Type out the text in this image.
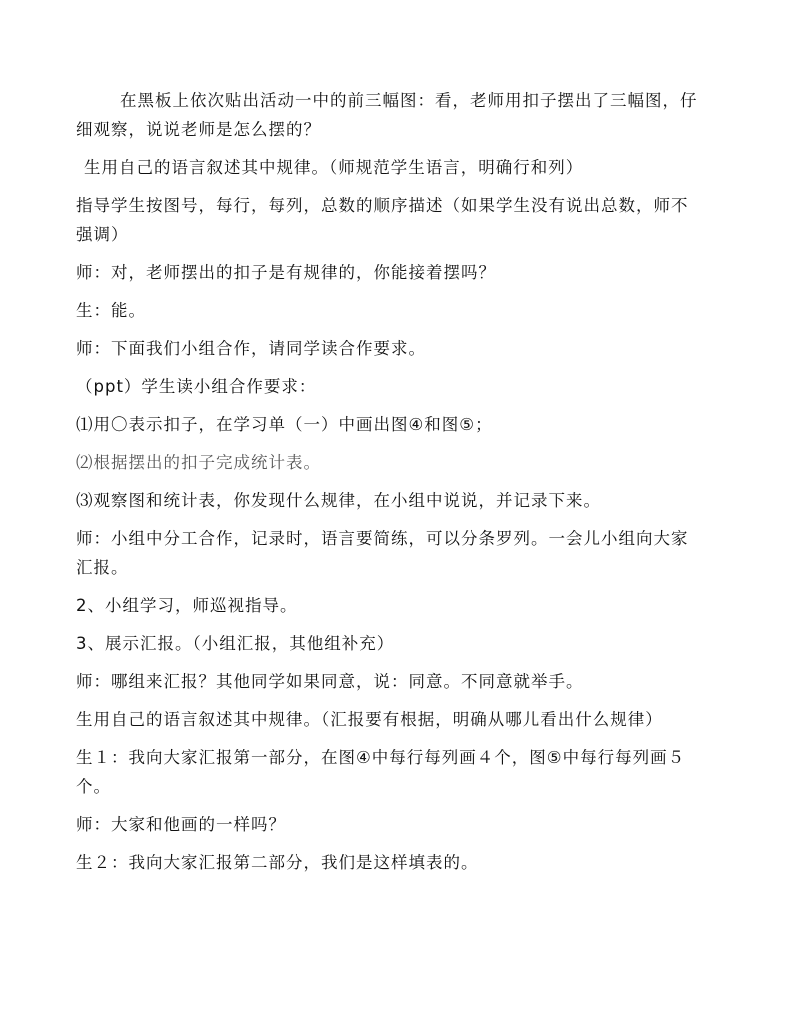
在黑板上依次贴出活动一中的前三幅图：看，老师用扣子摆出了三幅图，仔

细观察，说说老师是怎么摆的？

生用自己的语言叙述其中规律。（师规范学生语言，明确行和列）

指导学生按图号，每行，每列，总数的顺序描述（如果学生没有说出总数，师不

强调）

师：对，老师摆出的扣子是有规律的，你能接着摆吗？

生：能。

师：下面我们小组合作，请同学读合作要求。

（ppt）学生读小组合作要求：

⑴用〇表示扣子，在学习单（一）中画出图④和图⑤；

⑵根据摆出的扣子完成统计表。

⑶观察图和统计表，你发现什么规律，在小组中说说，并记录下来。

师：小组中分工合作，记录时，语言要简练，可以分条罗列。一会儿小组向大家

汇报。

2、小组学习，师巡视指导。

3、展示汇报。（小组汇报，其他组补充）

师：哪组来汇报？其他同学如果同意，说：同意。不同意就举手。

生用自己的语言叙述其中规律。（汇报要有根据，明确从哪儿看出什么规律）

生１：我向大家汇报第一部分，在图④中每行每列画４个，图⑤中每行每列画５

个。

师：大家和他画的一样吗？

生２：我向大家汇报第二部分，我们是这样填表的。
